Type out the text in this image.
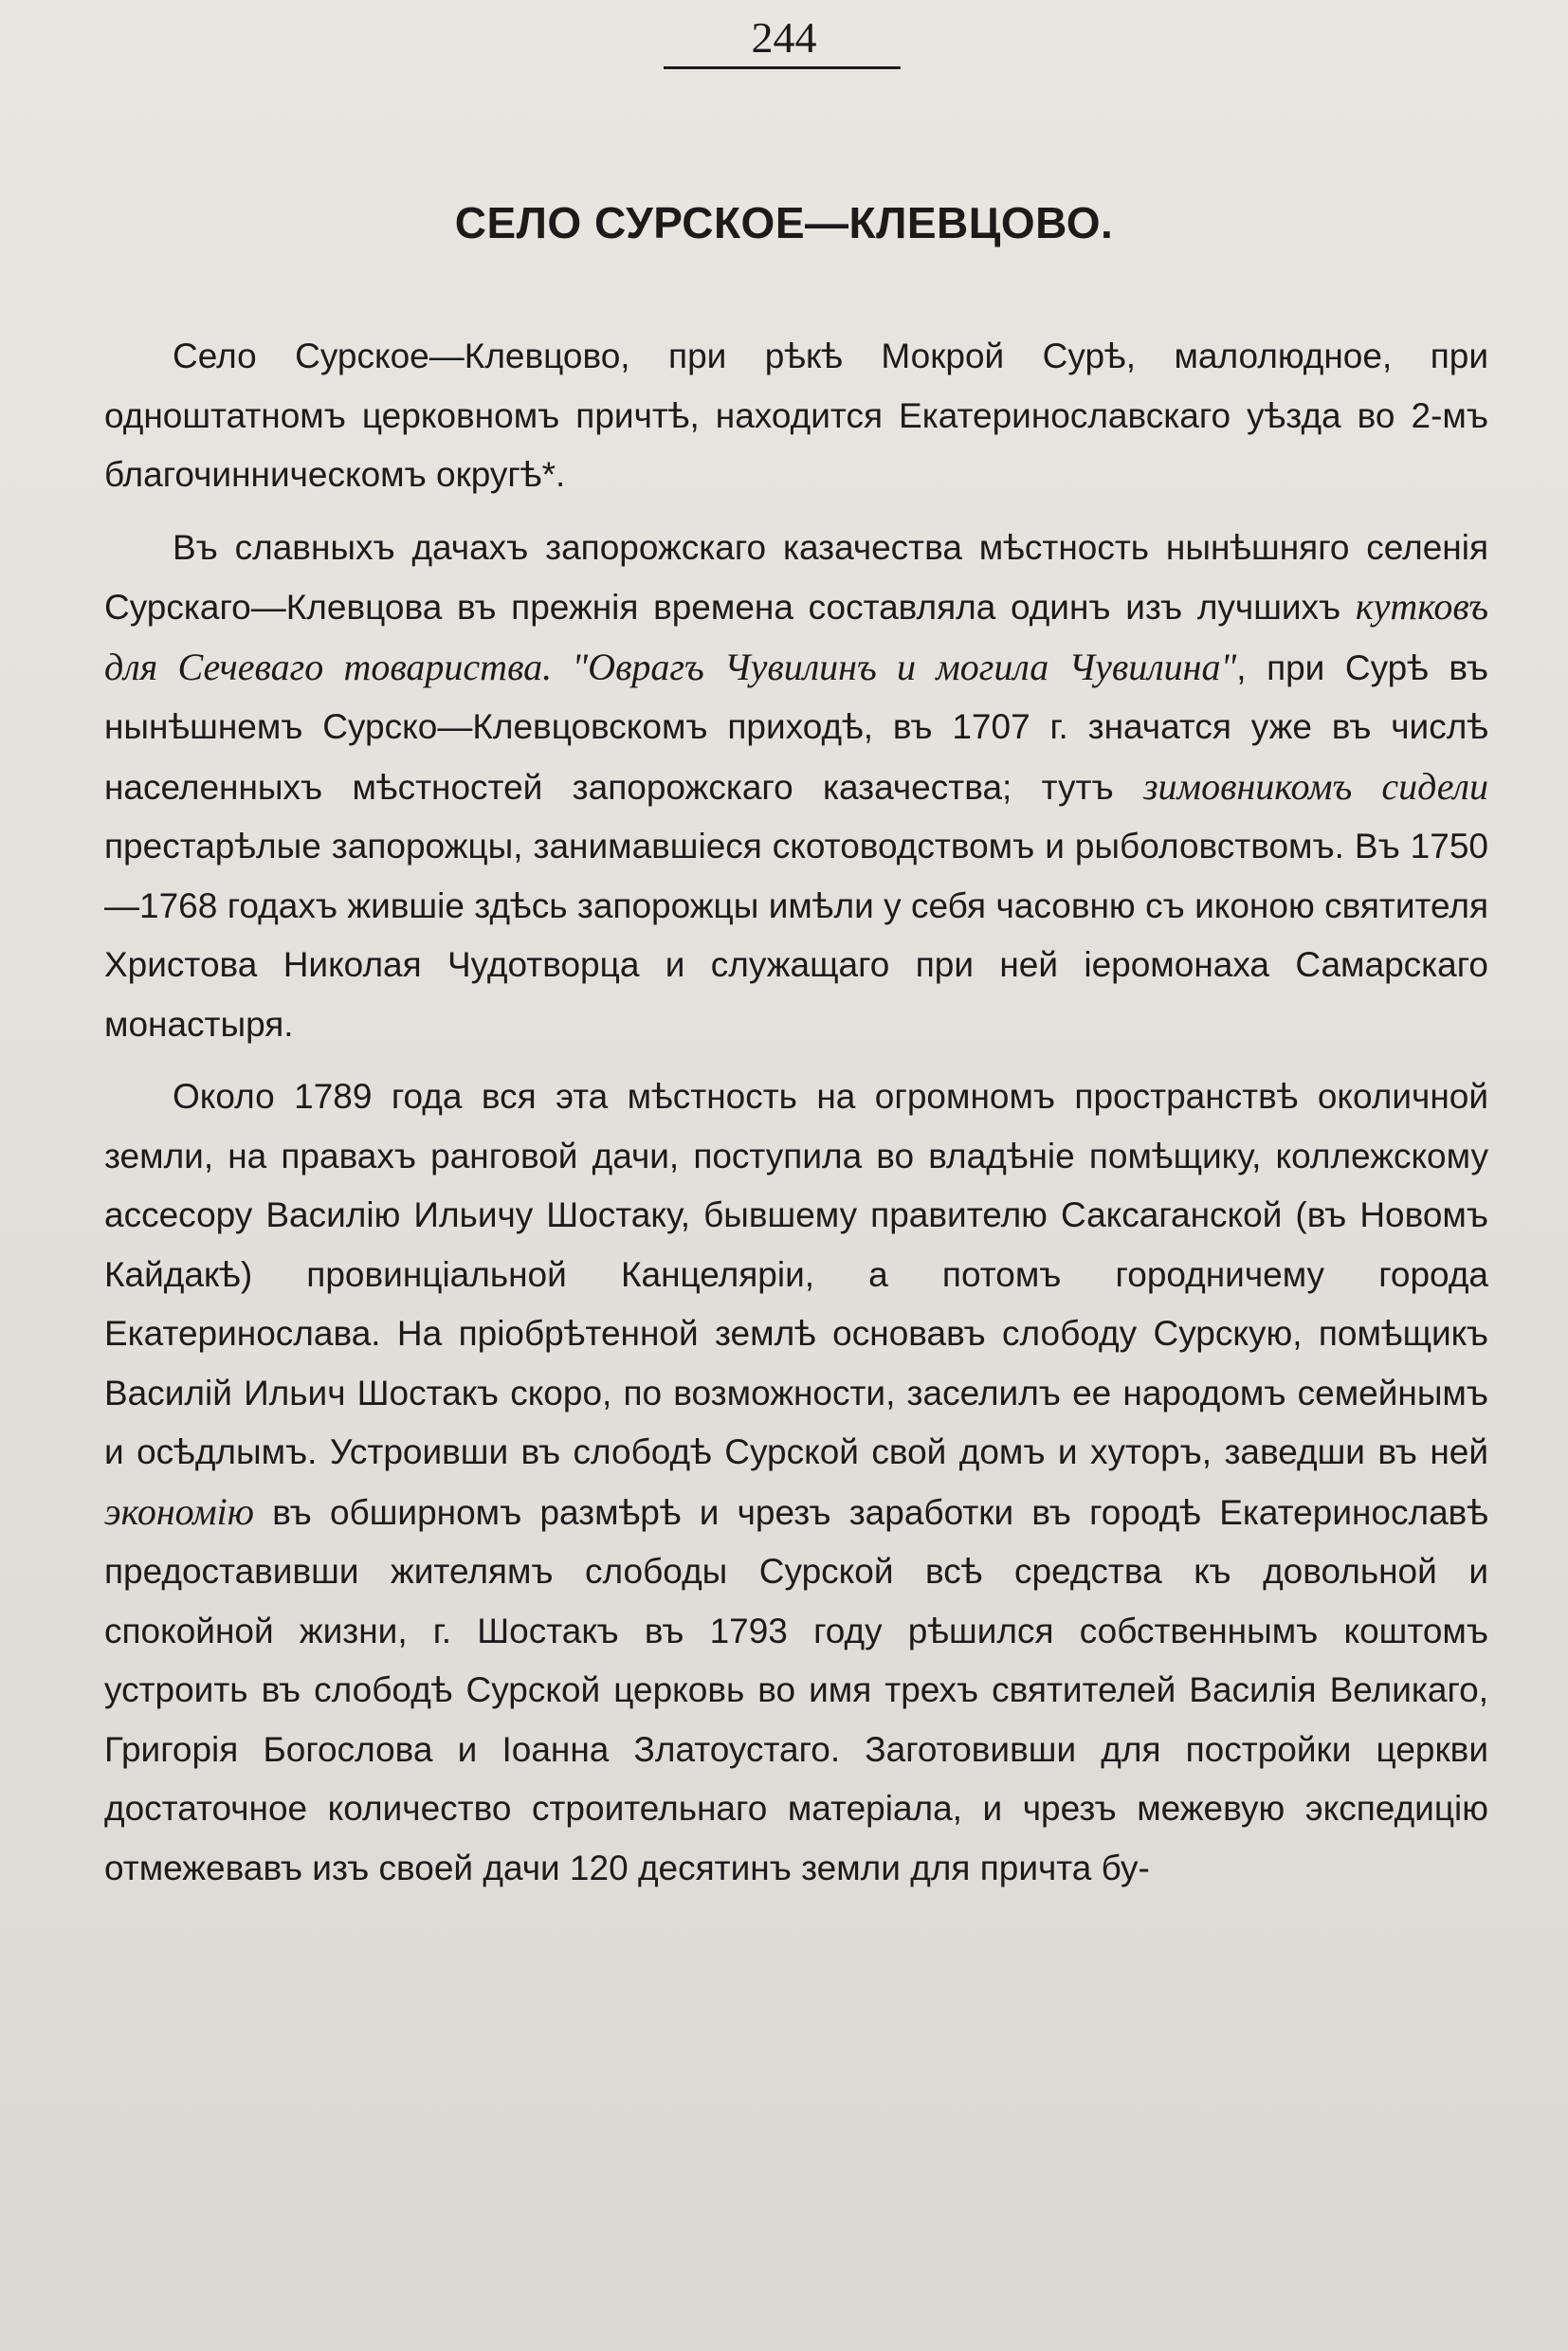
244
СЕЛО СУРСКОЕ—КЛЕВЦОВО.

Село Сурское—Клевцово, при рѣкѣ Мокрой Сурѣ, малолюдное, при одноштатномъ церковномъ причтѣ, находится Екатеринославскаго уѣзда во 2-мъ благочинническомъ округѣ*.

Въ славныхъ дачахъ запорожскаго казачества мѣстность нынѣшняго селенія Сурскаго—Клевцова въ прежнія времена составляла одинъ изъ лучшихъ кутковъ для Сечеваго товариства. "Оврагъ Чувилинъ и могила Чувилина", при Сурѣ въ нынѣшнемъ Сурско—Клевцовскомъ приходѣ, въ 1707 г. значатся уже въ числѣ населенныхъ мѣстностей запорожскаго казачества; тутъ зимовникомъ сидели престарѣлые запорожцы, занимавшіеся скотоводствомъ и рыболовствомъ. Въ 1750—1768 годахъ жившіе здѣсь запорожцы имѣли у себя часовню съ иконою святителя Христова Николая Чудотворца и служащаго при ней іеромонаха Самарскаго монастыря.

Около 1789 года вся эта мѣстность на огромномъ пространствѣ околичной земли, на правахъ ранговой дачи, поступила во владѣніе помѣщику, коллежскому ассесору Василію Ильичу Шостаку, бывшему правителю Саксаганской (въ Новомъ Кайдакѣ) провинціальной Канцеляріи, а потомъ городничему города Екатеринослава. На пріобрѣтенной землѣ основавъ слободу Сурскую, помѣщикъ Василій Ильич Шостакъ скоро, по возможности, заселилъ ее народомъ семейнымъ и осѣдлымъ. Устроивши въ слободѣ Сурской свой домъ и хуторъ, заведши въ ней экономію въ обширномъ размѣрѣ и чрезъ заработки въ городѣ Екатеринославѣ предоставивши жителямъ слободы Сурской всѣ средства къ довольной и спокойной жизни, г. Шостакъ въ 1793 году рѣшился собственнымъ коштомъ устроить въ слободѣ Сурской церковь во имя трехъ святителей Василія Великаго, Григорія Богослова и Іоанна Златоустаго. Заготовивши для постройки церкви достаточное количество строительнаго матеріала, и чрезъ межевую экспедицію отмежевавъ изъ своей дачи 120 десятинъ земли для причта бу-
